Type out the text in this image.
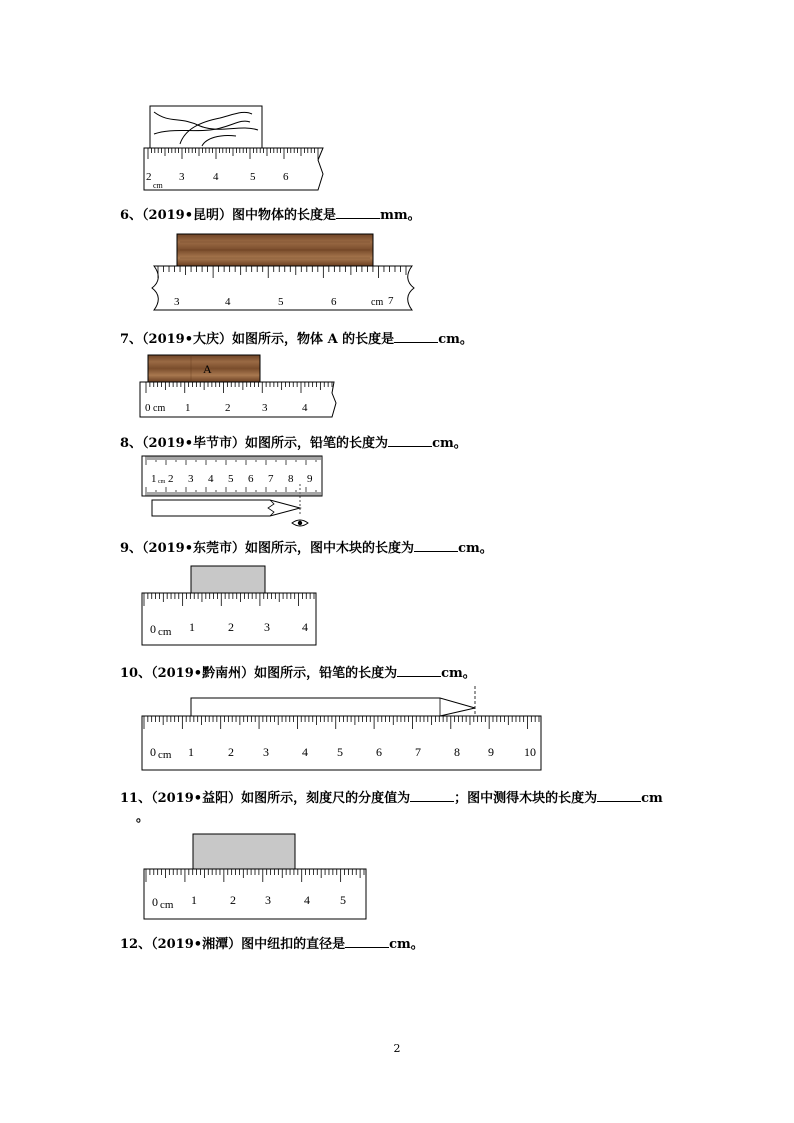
2
cm
3	4	5	6
6、（2019•昆明）图中物体的长度是	mm。
3	4	5	6	cm 7
7、（2019•大庆）如图所示，物体 A 的长度是	cm。
A
0 cm 1	2	3	4
8、（2019•毕节市）如图所示，铅笔的长度为	cm。
1 cm 2 3 4 5 6 7 8 9
9、（2019•东莞市）如图所示，图中木块的长度为	cm。
0 cm 1	2	3	4
10、（2019•黔南州）如图所示，铅笔的长度为	cm。
0 cm 1	2 3	4 5	6	7	8 9	10
11、（2019•益阳）如图所示，刻度尺的分度值为	；图中测得木块的长度为	cm
。
0 cm 1	2 3	4	5
12、（2019•湘潭）图中纽扣的直径是	cm。
2
